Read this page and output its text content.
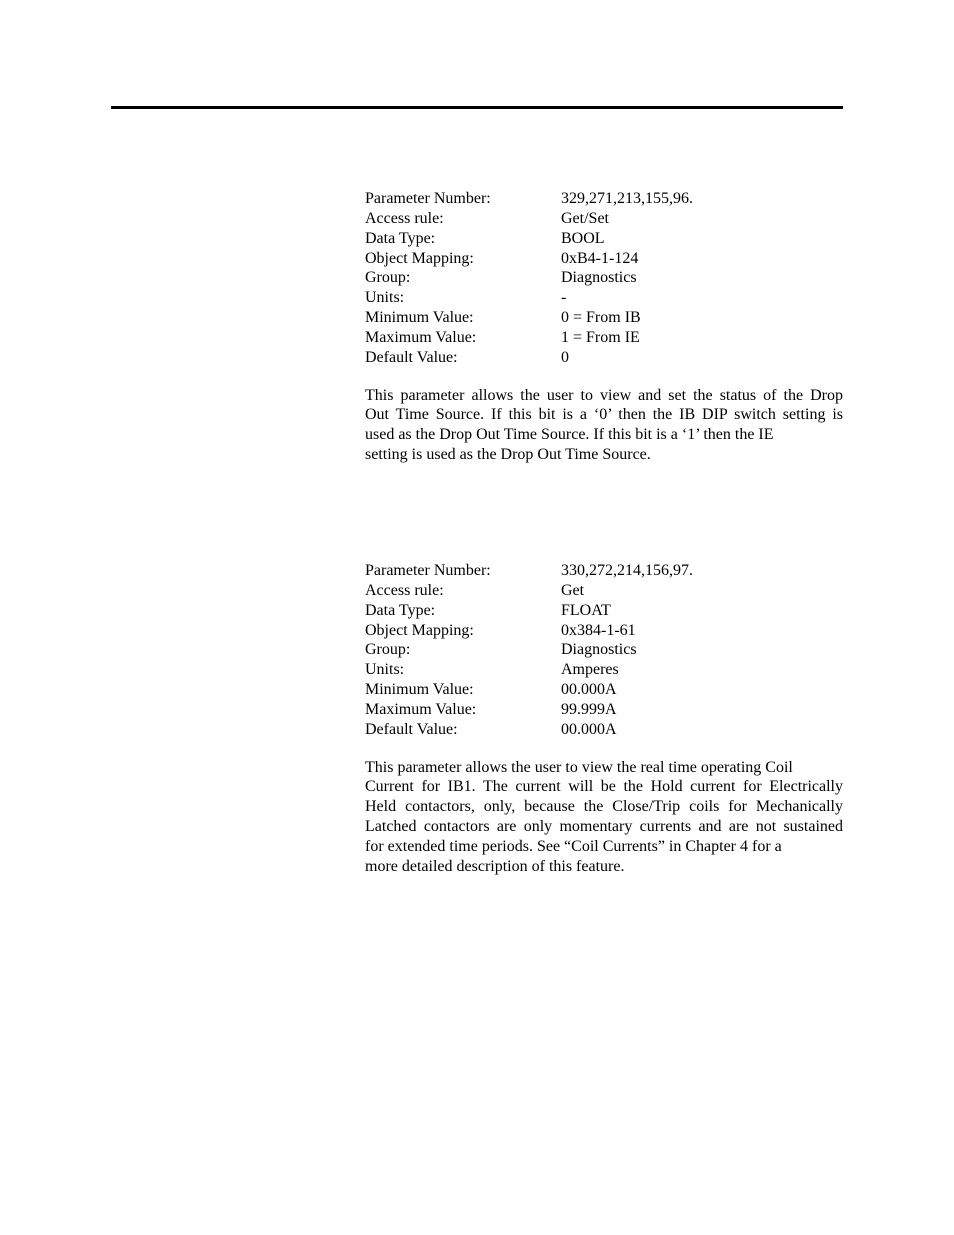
Parameter Number:	329,271,213,155,96.
Access rule:	Get/Set
Data Type:	BOOL
Object Mapping:	0xB4-1-124
Group:	Diagnostics
Units:	-
Minimum Value:	0 = From IB
Maximum Value:	1 = From IE
Default Value:	0

This parameter allows the user to view and set the status of the Drop
Out Time Source. If this bit is a ‘0’ then the IB DIP switch setting is
used as the Drop Out Time Source. If this bit is a ‘1’ then the IE
setting is used as the Drop Out Time Source.

Parameter Number:	330,272,214,156,97.
Access rule:	Get
Data Type:	FLOAT
Object Mapping:	0x384-1-61
Group:	Diagnostics
Units:	Amperes
Minimum Value:	00.000A
Maximum Value:	99.999A
Default Value:	00.000A

This parameter allows the user to view the real time operating Coil
Current for IB1. The current will be the Hold current for Electrically
Held contactors, only, because the Close/Trip coils for Mechanically
Latched contactors are only momentary currents and are not sustained
for extended time periods. See “Coil Currents” in Chapter 4 for a
more detailed description of this feature.
